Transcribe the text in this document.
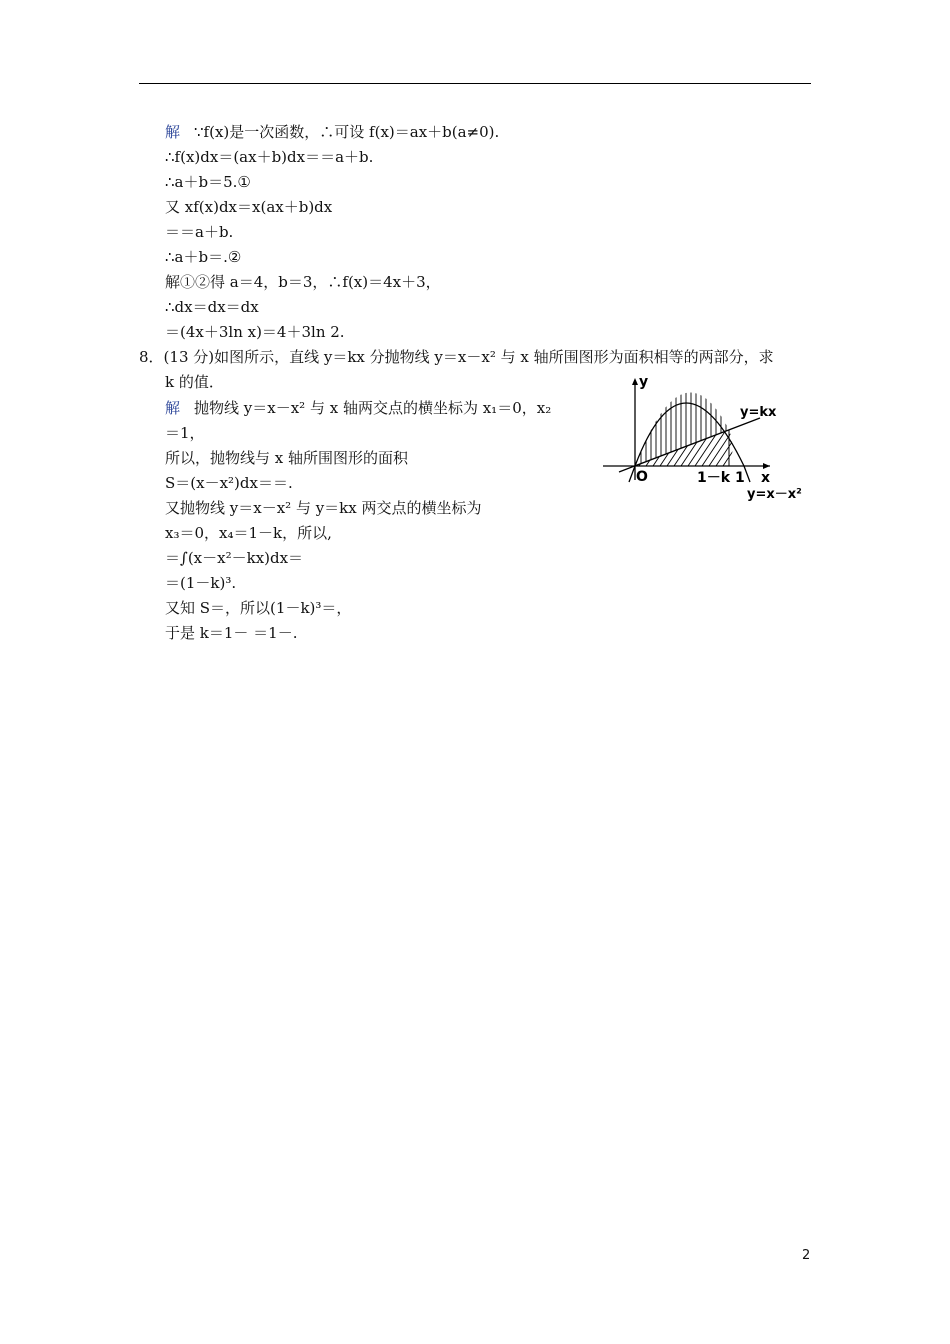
解 ∵f(x)是一次函数，∴可设 f(x)＝ax＋b(a≠0).
∴f(x)dx＝(ax＋b)dx＝＝a＋b.
∴a＋b＝5.①
又 xf(x)dx＝x(ax＋b)dx
＝＝a＋b.
∴a＋b＝.②
解①②得 a＝4，b＝3，∴f(x)＝4x＋3，
∴dx＝dx＝dx
＝(4x＋3ln x)＝4＋3ln 2.
8．(13 分)如图所示，直线 y＝kx 分抛物线 y＝x－x² 与 x 轴所围图形为面积相等的两部分，求
k 的值．
解 抛物线 y＝x－x² 与 x 轴两交点的横坐标为 x₁＝0，x₂
＝1，
所以，抛物线与 x 轴所围图形的面积
S＝(x－x²)dx＝＝.
又抛物线 y＝x－x² 与 y＝kx 两交点的横坐标为
x₃＝0，x₄＝1－k，所以,
＝∫(x－x²－kx)dx＝
＝(1－k)³.
又知 S＝，所以(1－k)³＝，
于是 k＝1－ ＝1－.
y
x
O	1－k 1
y=kx
y=x－x²
2
